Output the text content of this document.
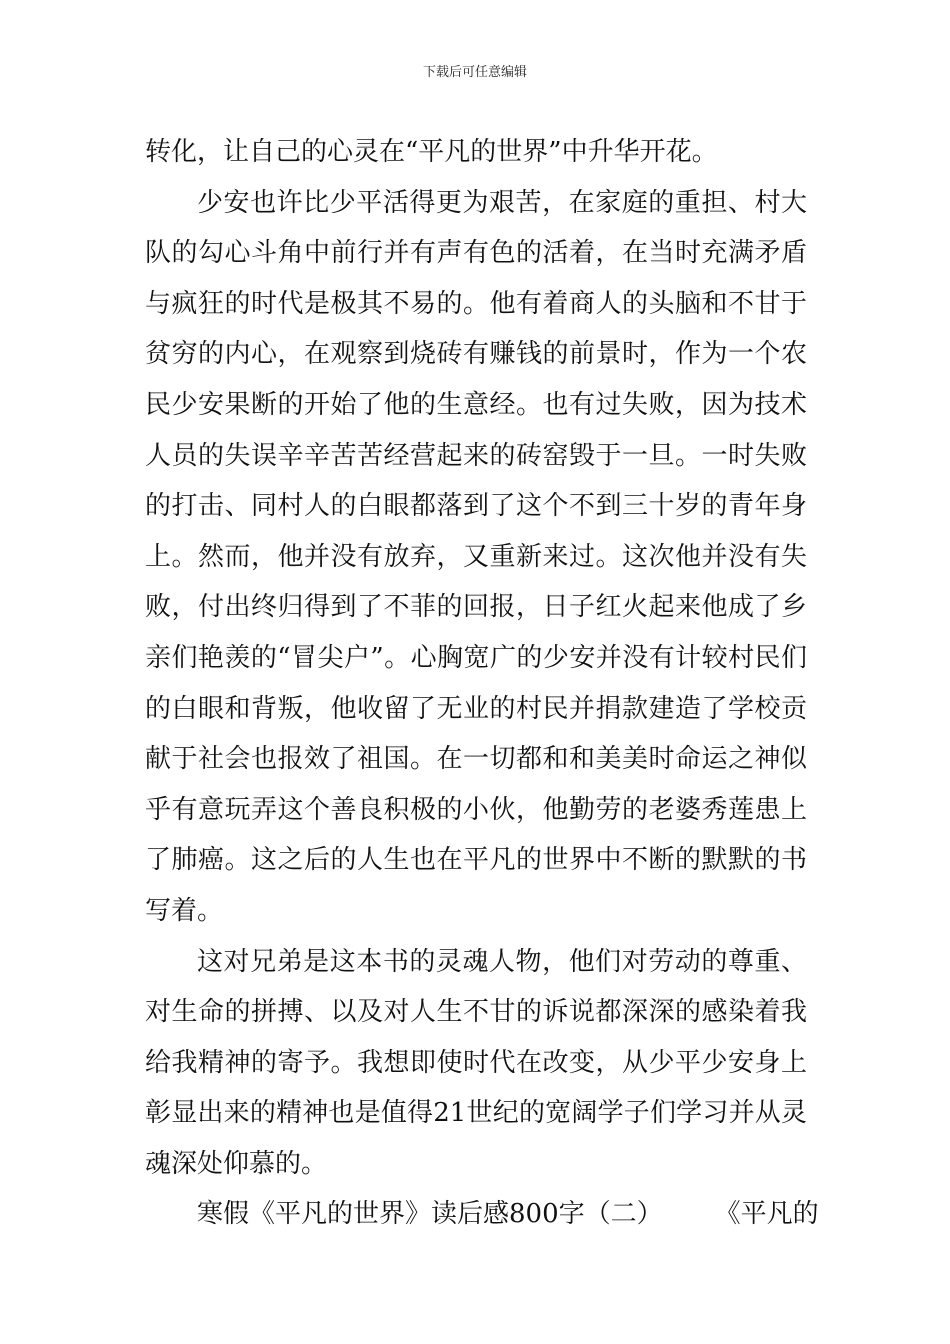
下载后可任意编辑

转化，让自己的心灵在“平凡的世界”中升华开花。

少安也许比少平活得更为艰苦，在家庭的重担、村大队的勾心斗角中前行并有声有色的活着，在当时充满矛盾与疯狂的时代是极其不易的。他有着商人的头脑和不甘于贫穷的内心，在观察到烧砖有赚钱的前景时，作为一个农民少安果断的开始了他的生意经。也有过失败，因为技术人员的失误辛辛苦苦经营起来的砖窑毁于一旦。一时失败的打击、同村人的白眼都落到了这个不到三十岁的青年身上。然而，他并没有放弃，又重新来过。这次他并没有失败，付出终归得到了不菲的回报，日子红火起来他成了乡亲们艳羡的“冒尖户”。心胸宽广的少安并没有计较村民们的白眼和背叛，他收留了无业的村民并捐款建造了学校贡献于社会也报效了祖国。在一切都和和美美时命运之神似乎有意玩弄这个善良积极的小伙，他勤劳的老婆秀莲患上了肺癌。这之后的人生也在平凡的世界中不断的默默的书写着。

这对兄弟是这本书的灵魂人物，他们对劳动的尊重、对生命的拼搏、以及对人生不甘的诉说都深深的感染着我给我精神的寄予。我想即使时代在改变，从少平少安身上彰显出来的精神也是值得21世纪的宽阔学子们学习并从灵魂深处仰慕的。

寒假《平凡的世界》读后感800字（二）	《平凡的
